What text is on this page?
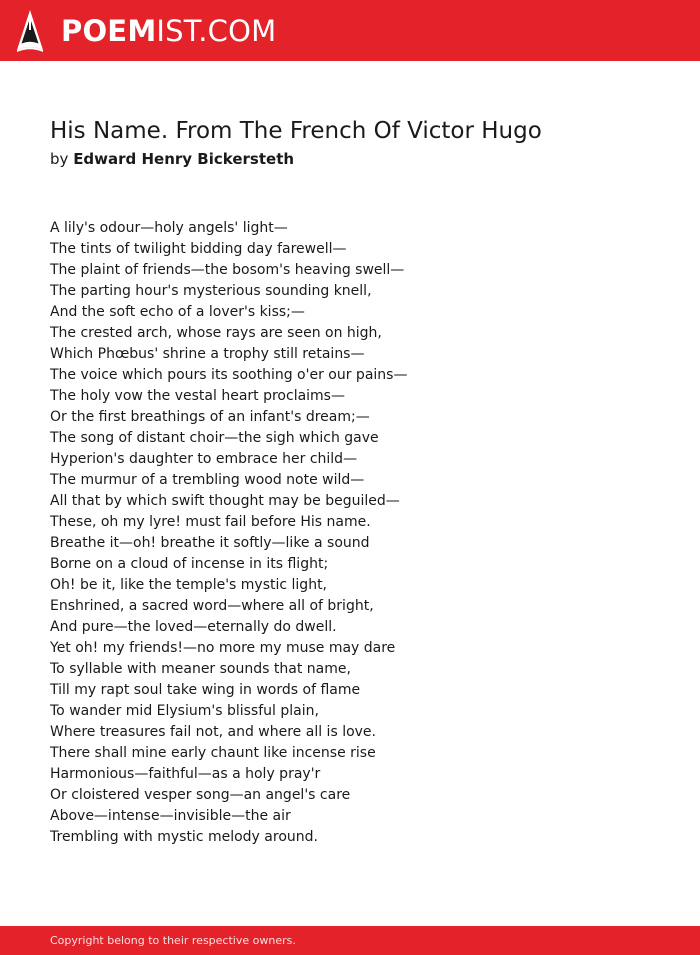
POEMIST.COM
His Name. From The French Of Victor Hugo
by Edward Henry Bickersteth
A lily's odour—holy angels' light—
The tints of twilight bidding day farewell—
The plaint of friends—the bosom's heaving swell—
The parting hour's mysterious sounding knell,
And the soft echo of a lover's kiss;—
The crested arch, whose rays are seen on high,
Which Phœbus' shrine a trophy still retains—
The voice which pours its soothing o'er our pains—
The holy vow the vestal heart proclaims—
Or the first breathings of an infant's dream;—
The song of distant choir—the sigh which gave
Hyperion's daughter to embrace her child—
The murmur of a trembling wood note wild—
All that by which swift thought may be beguiled—
These, oh my lyre! must fail before His name.
Breathe it—oh! breathe it softly—like a sound
Borne on a cloud of incense in its flight;
Oh! be it, like the temple's mystic light,
Enshrined, a sacred word—where all of bright,
And pure—the loved—eternally do dwell.
Yet oh! my friends!—no more my muse may dare
To syllable with meaner sounds that name,
Till my rapt soul take wing in words of flame
To wander mid Elysium's blissful plain,
Where treasures fail not, and where all is love.
There shall mine early chaunt like incense rise
Harmonious—faithful—as a holy pray'r
Or cloistered vesper song—an angel's care
Above—intense—invisible—the air
Trembling with mystic melody around.
Copyright belong to their respective owners.
